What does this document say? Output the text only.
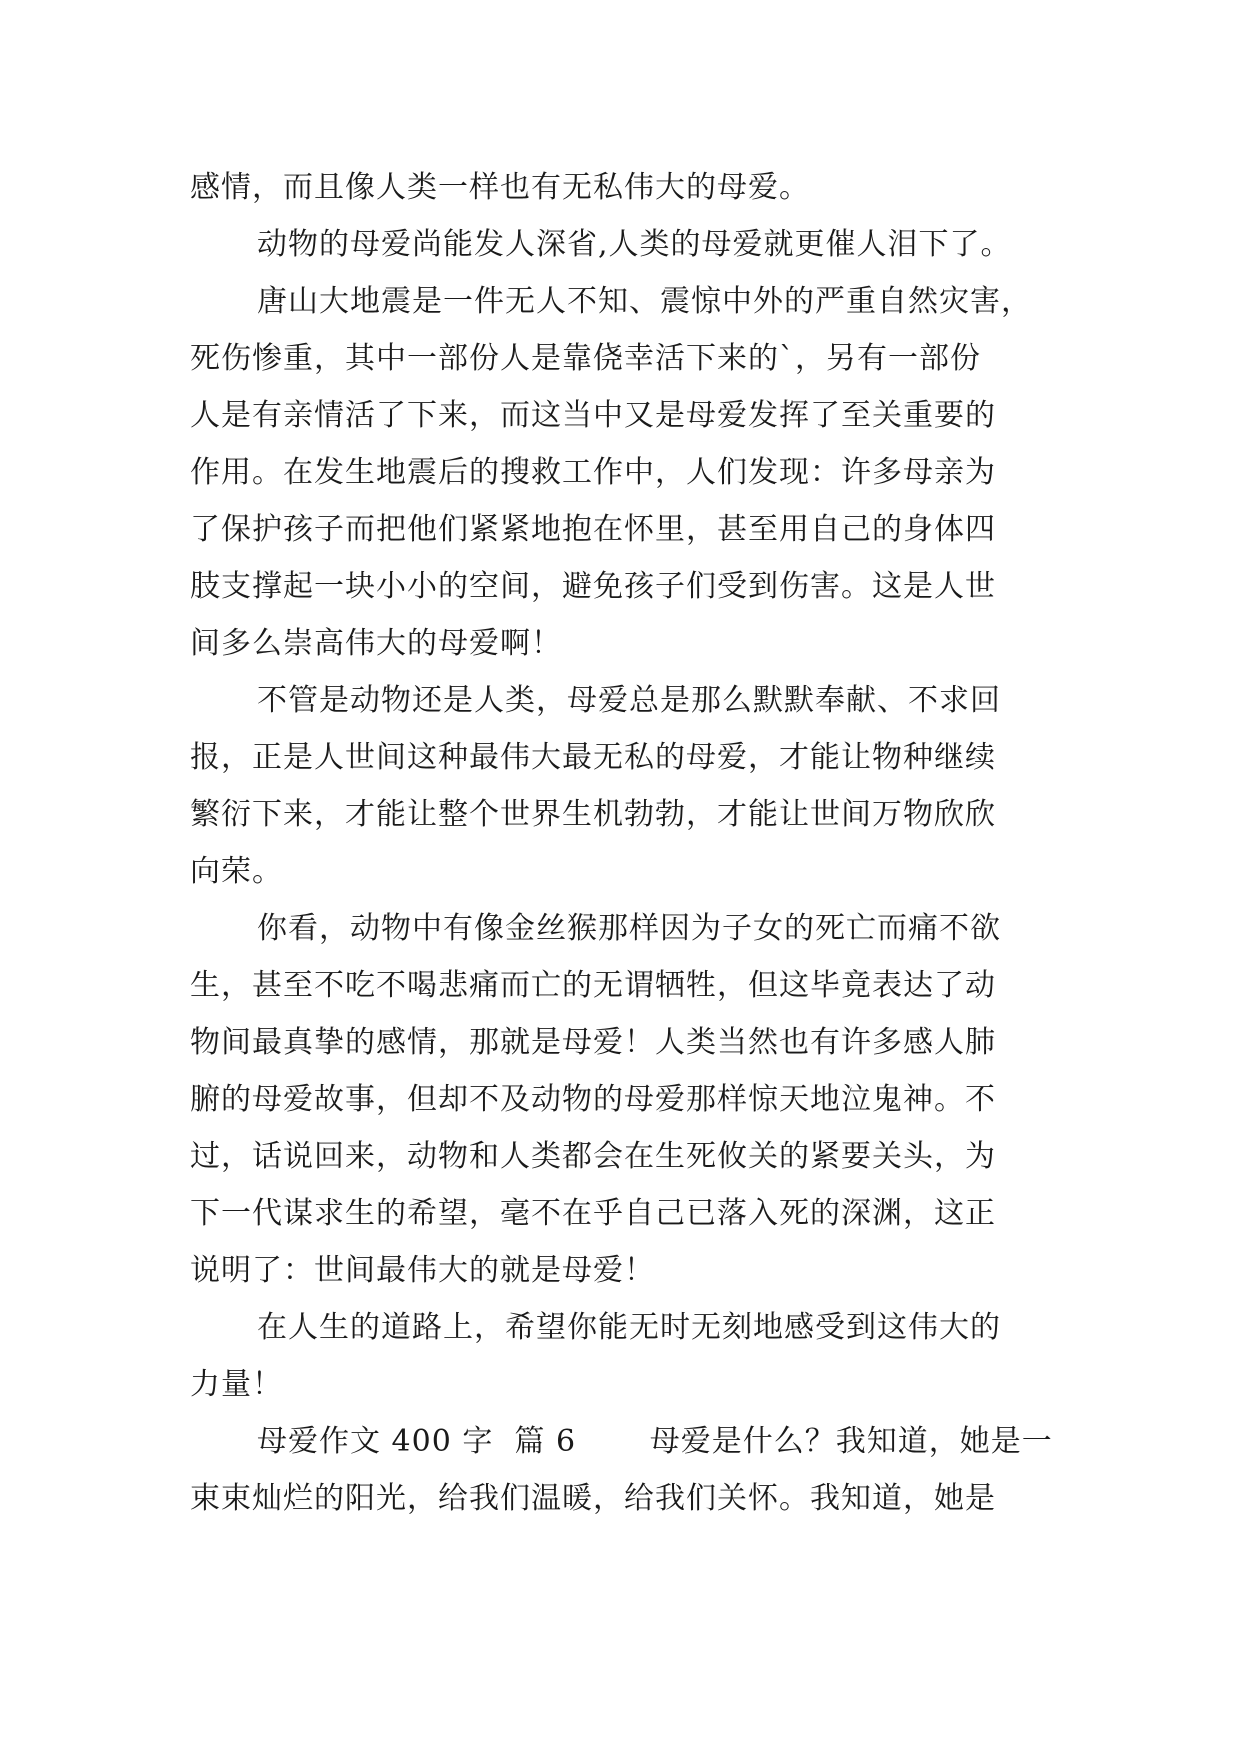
感情，而且像人类一样也有无私伟大的母爱。
动物的母爱尚能发人深省,人类的母爱就更催人泪下了。
唐山大地震是一件无人不知、震惊中外的严重自然灾害，
死伤惨重，其中一部份人是靠侥幸活下来的`，另有一部份
人是有亲情活了下来，而这当中又是母爱发挥了至关重要的
作用。在发生地震后的搜救工作中，人们发现：许多母亲为
了保护孩子而把他们紧紧地抱在怀里，甚至用自己的身体四
肢支撑起一块小小的空间，避免孩子们受到伤害。这是人世
间多么崇高伟大的母爱啊！
不管是动物还是人类，母爱总是那么默默奉献、不求回
报，正是人世间这种最伟大最无私的母爱，才能让物种继续
繁衍下来，才能让整个世界生机勃勃，才能让世间万物欣欣
向荣。
你看，动物中有像金丝猴那样因为子女的死亡而痛不欲
生，甚至不吃不喝悲痛而亡的无谓牺牲，但这毕竟表达了动
物间最真挚的感情，那就是母爱！人类当然也有许多感人肺
腑的母爱故事，但却不及动物的母爱那样惊天地泣鬼神。不
过，话说回来，动物和人类都会在生死攸关的紧要关头，为
下一代谋求生的希望，毫不在乎自己已落入死的深渊，这正
说明了：世间最伟大的就是母爱！
在人生的道路上，希望你能无时无刻地感受到这伟大的
力量！
母爱作文 400 字  篇 6       母爱是什么？我知道，她是一
束束灿烂的阳光，给我们温暖，给我们关怀。我知道，她是
